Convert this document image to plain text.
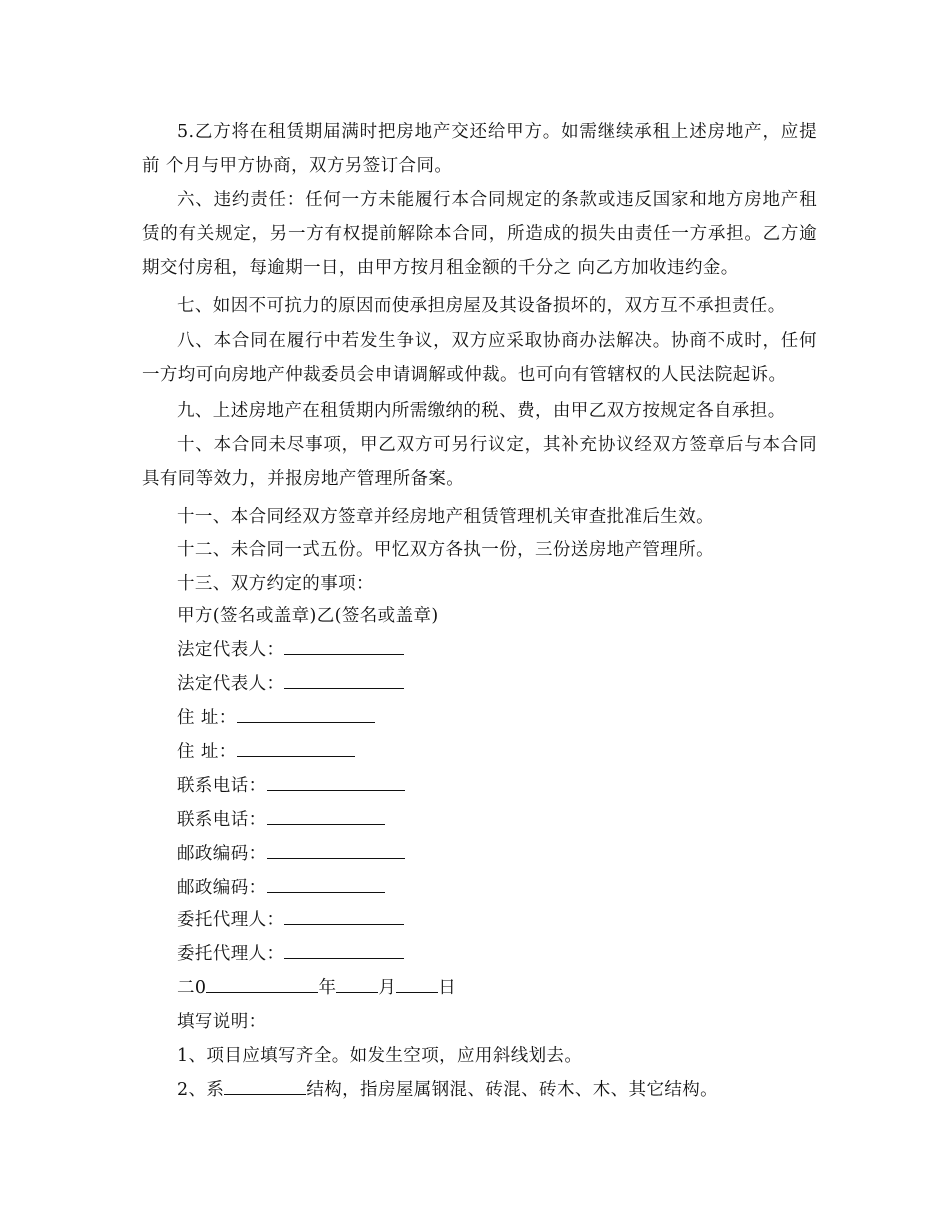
5.乙方将在租赁期届满时把房地产交还给甲方。如需继续承租上述房地产，应提前 个月与甲方协商，双方另签订合同。

六、违约责任：任何一方未能履行本合同规定的条款或违反国家和地方房地产租赁的有关规定，另一方有权提前解除本合同，所造成的损失由责任一方承担。乙方逾期交付房租，每逾期一日，由甲方按月租金额的千分之 向乙方加收违约金。

七、如因不可抗力的原因而使承担房屋及其设备损坏的，双方互不承担责任。

八、本合同在履行中若发生争议，双方应采取协商办法解决。协商不成时，任何一方均可向房地产仲裁委员会申请调解或仲裁。也可向有管辖权的人民法院起诉。

九、上述房地产在租赁期内所需缴纳的税、费，由甲乙双方按规定各自承担。

十、本合同未尽事项，甲乙双方可另行议定，其补充协议经双方签章后与本合同具有同等效力，并报房地产管理所备案。

十一、本合同经双方签章并经房地产租赁管理机关审查批准后生效。

十二、未合同一式五份。甲忆双方各执一份，三份送房地产管理所。

十三、双方约定的事项：

甲方(签名或盖章)乙(签名或盖章)
法定代表人：
法定代表人：
住 址：
住 址：
联系电话：
联系电话：
邮政编码：
邮政编码：
委托代理人：
委托代理人：
二0	年 月 日
填写说明：
1、项目应填写齐全。如发生空项，应用斜线划去。
2、系	结构，指房屋属钢混、砖混、砖木、木、其它结构。
